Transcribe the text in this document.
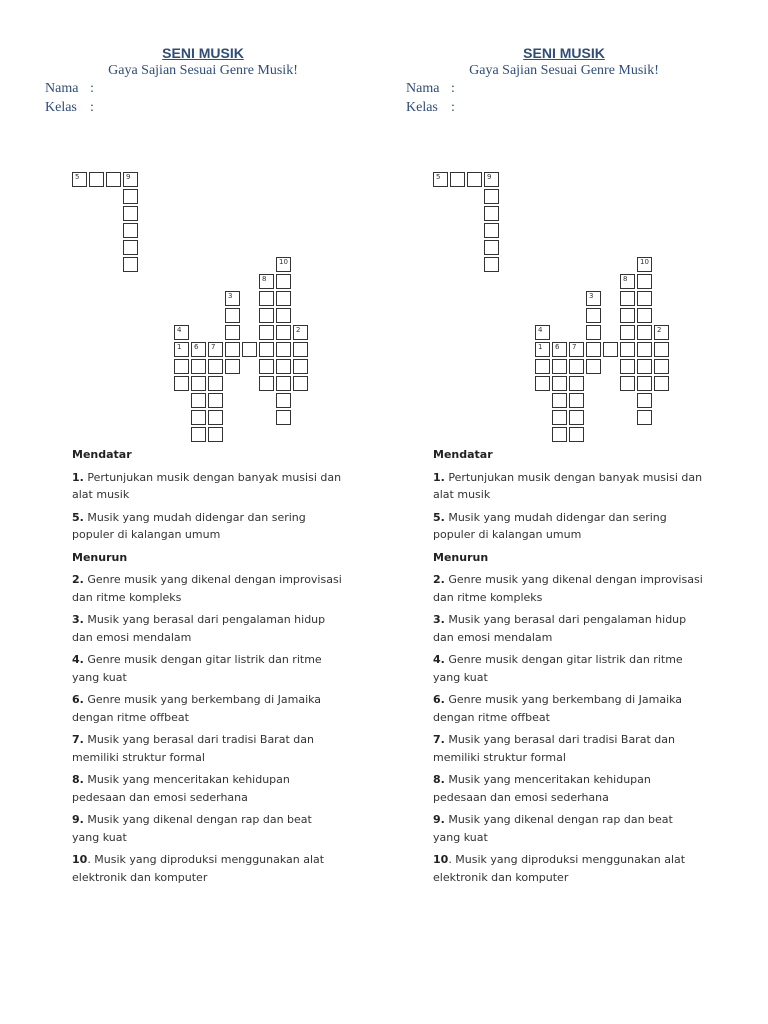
SENI MUSIK
Gaya Sajian Sesuai Genre Musik!
Nama :
Kelas :
5	9
10
8
3
4	2
1 6 7
Mendatar

1. Pertunjukan musik dengan banyak musisi dan alat musik

5. Musik yang mudah didengar dan sering populer di kalangan umum

Menurun

2. Genre musik yang dikenal dengan improvisasi dan ritme kompleks

3. Musik yang berasal dari pengalaman hidup dan emosi mendalam

4. Genre musik dengan gitar listrik dan ritme yang kuat

6. Genre musik yang berkembang di Jamaika dengan ritme offbeat

7. Musik yang berasal dari tradisi Barat dan memiliki struktur formal

8. Musik yang menceritakan kehidupan pedesaan dan emosi sederhana

9. Musik yang dikenal dengan rap dan beat yang kuat

10. Musik yang diproduksi menggunakan alat elektronik dan komputer

SENI MUSIK
Gaya Sajian Sesuai Genre Musik!
Nama :
Kelas :
5	9
10
8
3
4	2
1 6 7
Mendatar

1. Pertunjukan musik dengan banyak musisi dan alat musik

5. Musik yang mudah didengar dan sering populer di kalangan umum

Menurun

2. Genre musik yang dikenal dengan improvisasi dan ritme kompleks

3. Musik yang berasal dari pengalaman hidup dan emosi mendalam

4. Genre musik dengan gitar listrik dan ritme yang kuat

6. Genre musik yang berkembang di Jamaika dengan ritme offbeat

7. Musik yang berasal dari tradisi Barat dan memiliki struktur formal

8. Musik yang menceritakan kehidupan pedesaan dan emosi sederhana

9. Musik yang dikenal dengan rap dan beat yang kuat

10. Musik yang diproduksi menggunakan alat elektronik dan komputer
